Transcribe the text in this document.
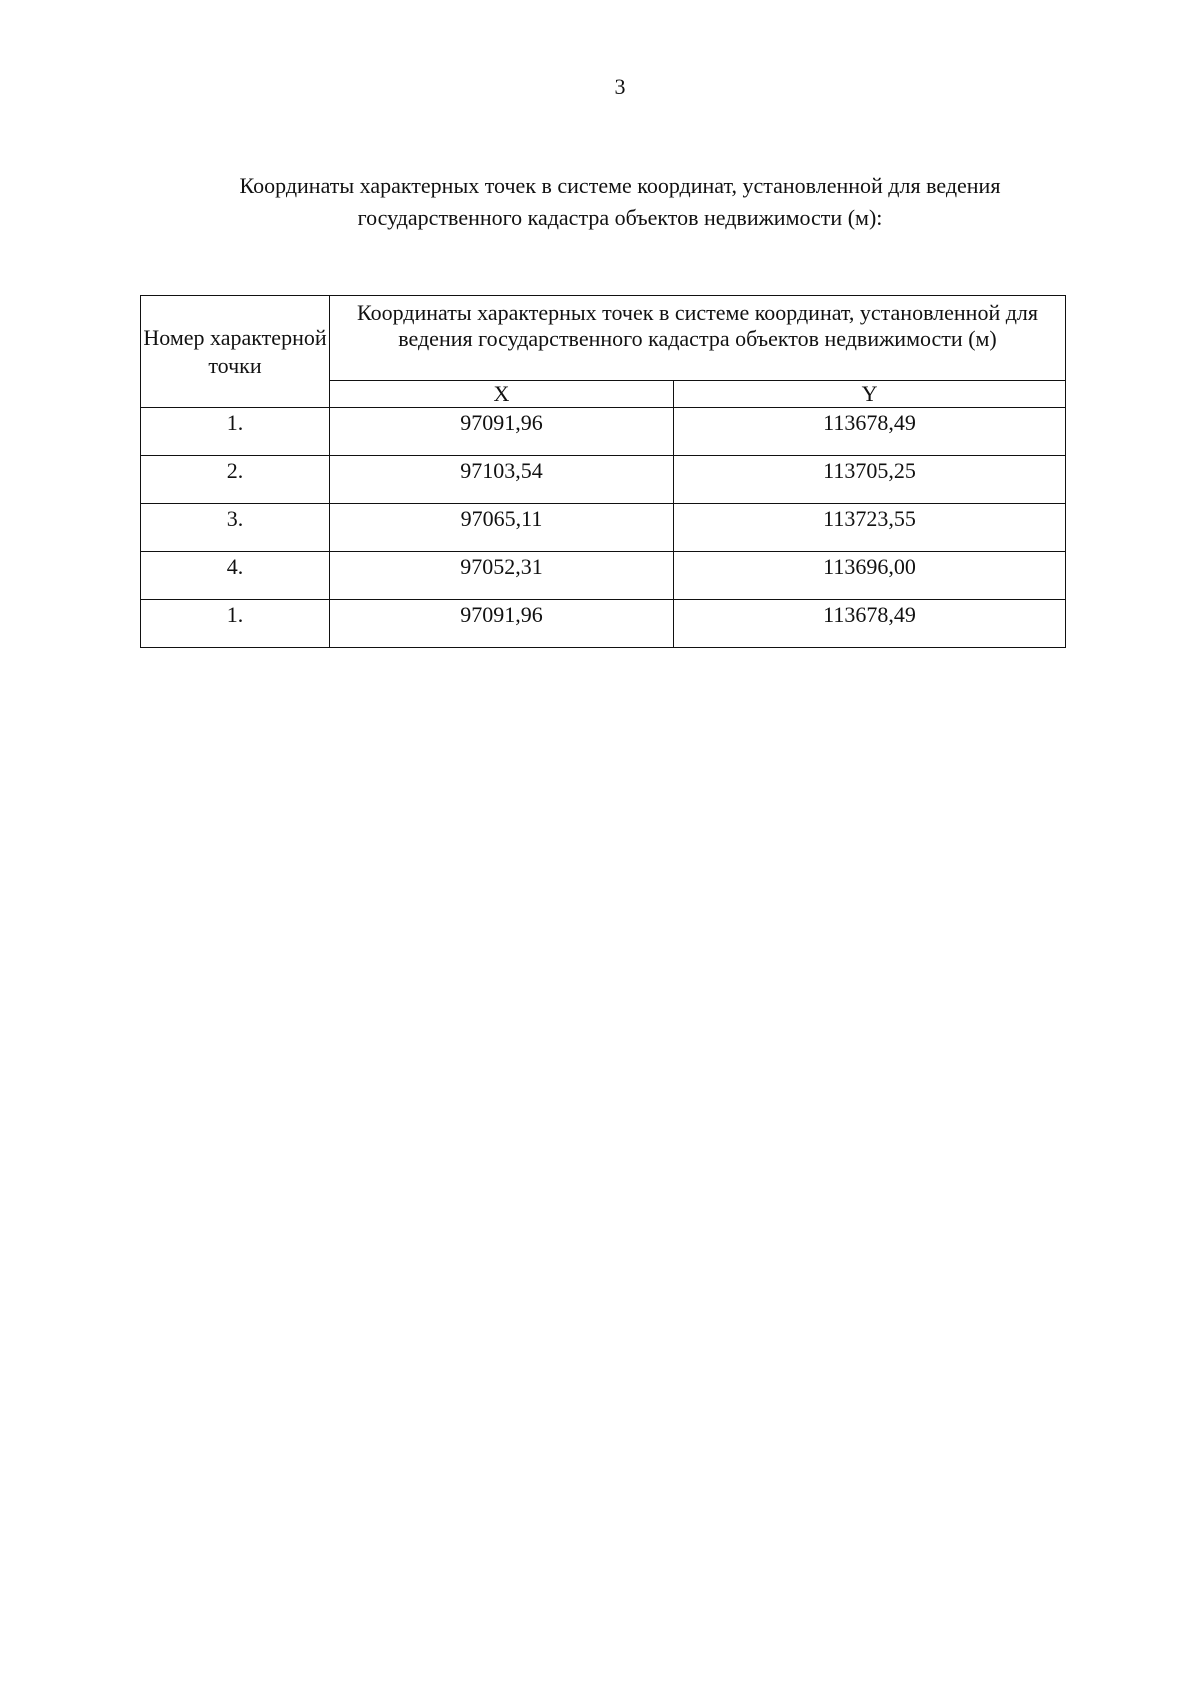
3
Координаты характерных точек в системе координат, установленной для ведения
государственного кадастра объектов недвижимости (м):
Номер характерной точки	Координаты характерных точек в системе координат, установленной для ведения государственного кадастра объектов недвижимости (м)	
	X	Y
1.	97091,96	113678,49
2.	97103,54	113705,25
3.	97065,11	113723,55
4.	97052,31	113696,00
1.	97091,96	113678,49
